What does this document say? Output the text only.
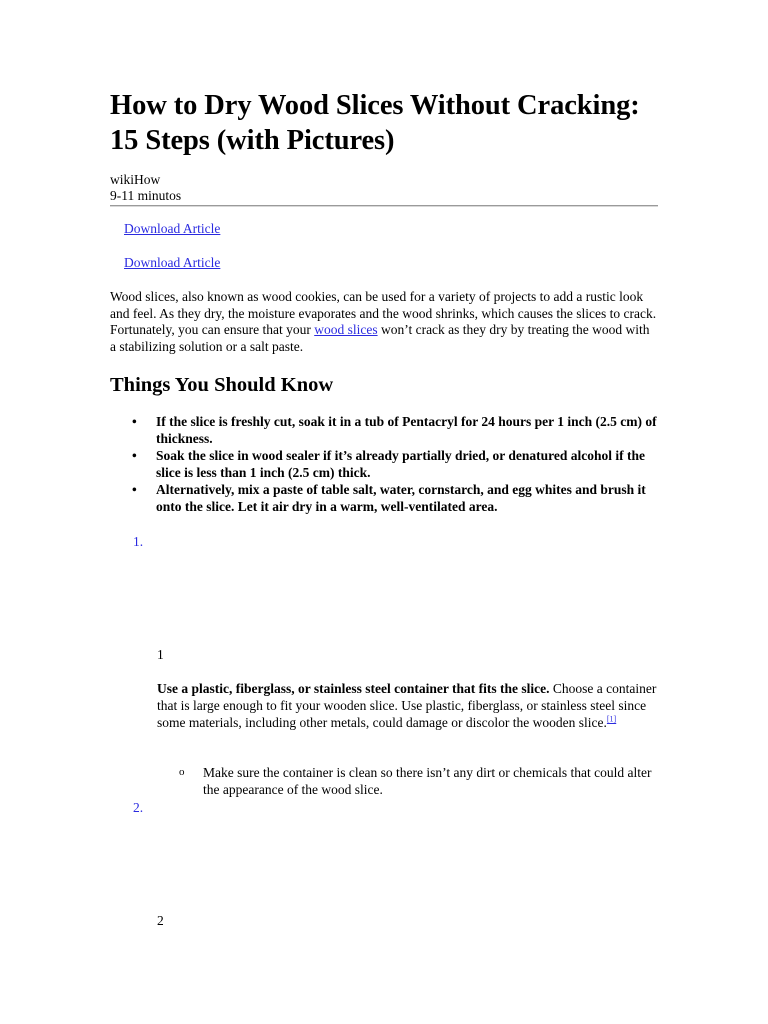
How to Dry Wood Slices Without Cracking: 15 Steps (with Pictures)
wikiHow
9-11 minutos
Download Article
Download Article

Wood slices, also known as wood cookies, can be used for a variety of projects to add a rustic look and feel. As they dry, the moisture evaporates and the wood shrinks, which causes the slices to crack. Fortunately, you can ensure that your wood slices won’t crack as they dry by treating the wood with a stabilizing solution or a salt paste.

Things You Should Know
• If the slice is freshly cut, soak it in a tub of Pentacryl for 24 hours per 1 inch (2.5 cm) of thickness.
• Soak the slice in wood sealer if it’s already partially dried, or denatured alcohol if the slice is less than 1 inch (2.5 cm) thick.
• Alternatively, mix a paste of table salt, water, cornstarch, and egg whites and brush it onto the slice. Let it air dry in a warm, well-ventilated area.
1.
1

Use a plastic, fiberglass, or stainless steel container that fits the slice. Choose a container that is large enough to fit your wooden slice. Use plastic, fiberglass, or stainless steel since some materials, including other metals, could damage or discolor the wooden slice.[1]

o Make sure the container is clean so there isn’t any dirt or chemicals that could alter the appearance of the wood slice.

2.
2
